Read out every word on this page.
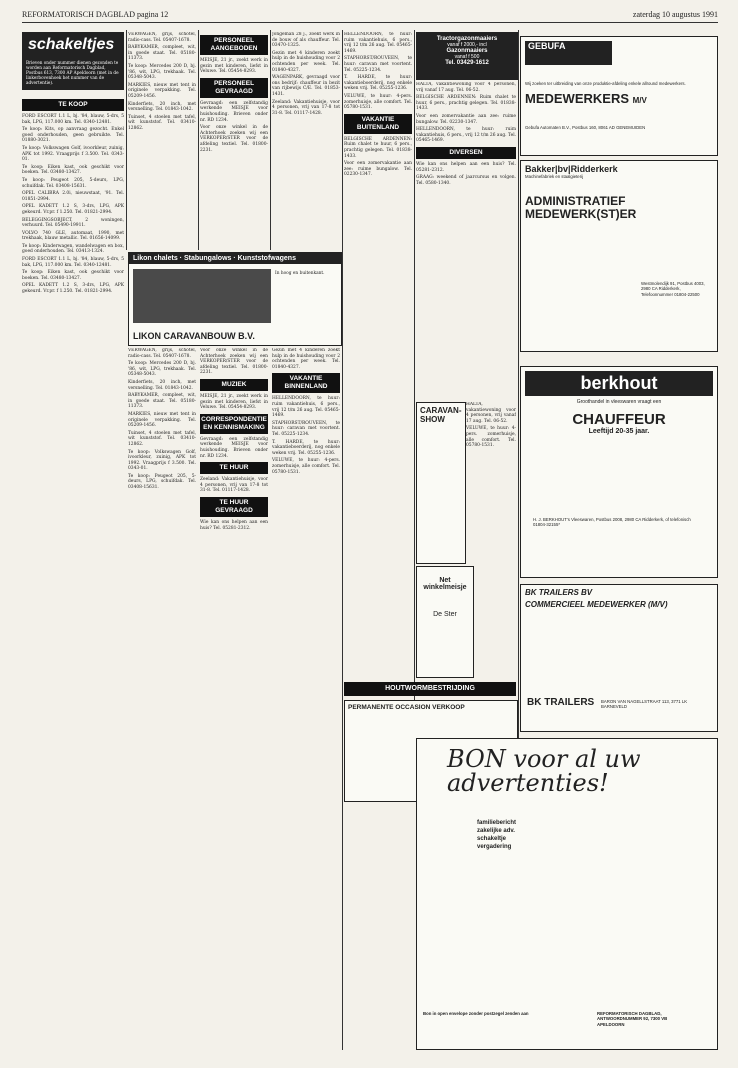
REFORMATORISCH DAGBLAD pagina 12	zaterdag 10 augustus 1991
schakeltjes
Brieven onder nummer dienen gezonden te worden aan Reformatorisch Dagblad, Postbus 613, 7300 AP Apeldoorn (met in de linkerbovenhoek het nummer van de advertentie).
TE KOOP

FORD ESCORT 1.1 L, bj. '84, blauw, 5-drs, 5 bak, LPG, 117.000 km. Tel. 0340-12481.

Te koop: Kits, op aanvraag gezocht. Enkel goed onderhouden, geen gebruikte. Tel. 01880-3021.

Te koop: Volkswagen Golf, ivoorkleur, zuinig, APK tot 1992. Vraagprijs f 3.500. Tel. 0343-01.

Te koop: Eiken kast, ook geschikt voor boeken. Tel. 03480-13427.

Te koop: Peugeot 205, 5-deurs, LPG, schuifdak. Tel. 03408-15631.

OPEL CALIBRA 2.0i, nieuwstaat, '91. Tel. 01851-2994.

OPEL KADETT 1.2 S, 3-drs, LPG, APK gekeurd. Vr.pr. f 1.250. Tel. 01821-2994.

BELEGGINGSOBJECT, 2 woningen, verhuurd. Tel. 05490-19911.

VOLVO 740 GLE, automaat, 1990, met trekhaak, blauw metallic. Tel. 01656-14099.

Te koop: Kinderwagen, wandelwagen en box, goed onderhouden. Tel. 03413-1324.

FORD ESCORT 1.1 L, bj. '84, blauw, 5-drs, 5 bak, LPG, 117.000 km. Tel. 0340-12481.

Te koop: Eiken kast, ook geschikt voor boeken. Tel. 03480-13427.

OPEL KADETT 1.2 S, 3-drs, LPG, APK gekeurd. Vr.pr. f 1.250. Tel. 01821-2994.

VERWAGEN, grijs, schotel, radio-cass. Tel. 05407-1678.

BABYKAMER, compleet, wit, in goede staat. Tel. 05180-11373.

Te koop: Mercedes 200 D, bj. '86, wit, LPG, trekhaak. Tel. 05348-5043.

MARKIES, nieuw met tent in originele verpakking. Tel. 05209-1456.

Kinderfiets, 20 inch, met versnelling. Tel. 01843-1042.

Tuinset, 4 stoelen met tafel, wit kunststof. Tel. 03410-12862.

PERSONEEL AANGEBODEN

MEISJE, 21 jr., zoekt werk in gezin met kinderen, liefst in Veluwe. Tel. 05454-8293.

PERSONEEL GEVRAAGD

Gevraagd: een zelfstandig werkende MEISJE voor huishouding. Brieven onder nr. RD 1234.

Voor onze winkel in de Achterhoek zoeken wij een VERKOPER/STER voor de afdeling textiel. Tel. 01800-2231.

Jongeman 28 j., zoekt werk in de bouw of als chauffeur. Tel. 03470-1325.

Gezin met 4 kinderen zoekt hulp in de huishouding voor 2 ochtenden per week. Tel. 01840-4327.

WAGENPARK, gevraagd voor ons bedrijf: chauffeur in bezit van rijbewijs C/E. Tel. 01853-1431.

Zeeland: Vakantiehuisje, voor 4 personen, vrij van 17-8 tot 31-8. Tel. 01117-1428.

Likon chalets · Stabungalows · Kunststofwagens
In hoog en buitenkant.
LIKON CARAVANBOUW B.V.

VERWAGEN, grijs, schotel, radio-cass. Tel. 05407-1678.

Te koop: Mercedes 200 D, bj. '86, wit, LPG, trekhaak. Tel. 05348-5043.

Kinderfiets, 20 inch, met versnelling. Tel. 01843-1042.

BABYKAMER, compleet, wit, in goede staat. Tel. 05180-11373.

MARKIES, nieuw met tent in originele verpakking. Tel. 05209-1456.

Tuinset, 4 stoelen met tafel, wit kunststof. Tel. 03410-12862.

Te koop: Volkswagen Golf, ivoorkleur, zuinig, APK tot 1992. Vraagprijs f 3.500. Tel. 0343-01.

Te koop: Peugeot 205, 5-deurs, LPG, schuifdak. Tel. 03408-15631.

Voor onze winkel in de Achterhoek zoeken wij een VERKOPER/STER voor de afdeling textiel. Tel. 01800-2231.

MUZIEK

MEISJE, 21 jr., zoekt werk in gezin met kinderen, liefst in Veluwe. Tel. 05454-8293.

CORRESPONDENTIE EN KENNISMAKING

Gevraagd: een zelfstandig werkende MEISJE voor huishouding. Brieven onder nr. RD 1234.

TE HUUR

Zeeland: Vakantiehuisje, voor 4 personen, vrij van 17-8 tot 31-8. Tel. 01117-1428.

TE HUUR GEVRAAGD

Wie kan ons helpen aan een huis? Tel. 05281-2312.

Gezin met 4 kinderen zoekt hulp in de huishouding voor 2 ochtenden per week. Tel. 01840-4327.

VAKANTIE BINNENLAND

HELLENDOORN, te huur: ruim vakantiehuis, 6 pers., vrij 12 t/m 26 aug. Tel. 05465-1469.

STAPHORST/ROUVEEN, te huur: caravan met voortent. Tel. 05225-1234.

T. HARDE, te huur: vakantieboerderij, nog enkele weken vrij. Tel. 05255-1236.

VELUWE, te huur: 4-pers. zomerhuisje, alle comfort. Tel. 05780-1531.

HELLENDOORN, te huur: ruim vakantiehuis, 6 pers., vrij 12 t/m 26 aug. Tel. 05465-1469.

STAPHORST/ROUVEEN, te huur: caravan met voortent. Tel. 05225-1234.

T. HARDE, te huur: vakantieboerderij, nog enkele weken vrij. Tel. 05255-1236.

VELUWE, te huur: 4-pers. zomerhuisje, alle comfort. Tel. 05780-1531.

VAKANTIE BUITENLAND

BELGISCHE ARDENNEN: Ruim chalet te huur, 6 pers., prachtig gelegen. Tel. 01838-1433.

Voor een zomervakantie aan zee: ruime bungalow. Tel. 02230-1347.

Tractorgazonmaaiers
vanaf f 2000,- incl
Gazonmaaiers
vanaf f 500
Tel. 03429-1612

HALTA, vakantiewoning voor 4 personen, vrij vanaf 17 aug. Tel. 06-52.

BELGISCHE ARDENNEN: Ruim chalet te huur, 6 pers., prachtig gelegen. Tel. 01838-1433.

Voor een zomervakantie aan zee: ruime bungalow. Tel. 02230-1347.

HELLENDOORN, te huur: ruim vakantiehuis, 6 pers., vrij 12 t/m 26 aug. Tel. 05465-1469.

DIVERSEN

Wie kan ons helpen aan een huis? Tel. 05281-2312.

GRAAG: weekend of jaarcursus en volgen. Tel. 0580-1340.

CARAVAN-SHOW

HALTA, vakantiewoning voor 4 personen, vrij vanaf 17 aug. Tel. 06-52.

VELUWE, te huur: 4-pers. zomerhuisje, alle comfort. Tel. 05780-1531.

Net winkelmeisje
De Ster
HOUTWORMBESTRIJDING
PERMANENTE OCCASION VERKOOP
GEBUFA
MEDEWERKERS M/V
Wij zoeken ter uitbreiding van onze produktie-afdeling enkele allround medewerkers.
Gebufa Automaten B.V., Postbus 160, 8061 AD GENEMUIDEN
Bakker|bv|Ridderkerk
Machinefabriek en staalgieterij
ADMINISTRATIEF MEDEWERK(ST)ER
Westmolendijk 91, Postbus 4003, 2980 CA Ridderkerk, Telefoonnummer 01804-22500
berkhout
Groothandel in vleeswaren vraagt een
CHAUFFEUR
Leeftijd 20-35 jaar.
H. J. BERKHOUT's Vleeswaren, Postbus 2008, 2980 CA Ridderkerk, of telefonisch 01804-32155*
BK TRAILERS BV
COMMERCIEEL MEDEWERKER (M/V)
BK TRAILERS BARON VAN NAGELLSTRAAT 113, 3771 LK BARNEVELD
BON voor al uw advertenties!
familiebericht
zakelijke adv.
schakeltje
vergadering
Bon in open envelope zonder postzegel zenden aan	REFORMATORISCH DAGBLAD, ANTWOORDNUMMER 92, 7300 VB APELDOORN
